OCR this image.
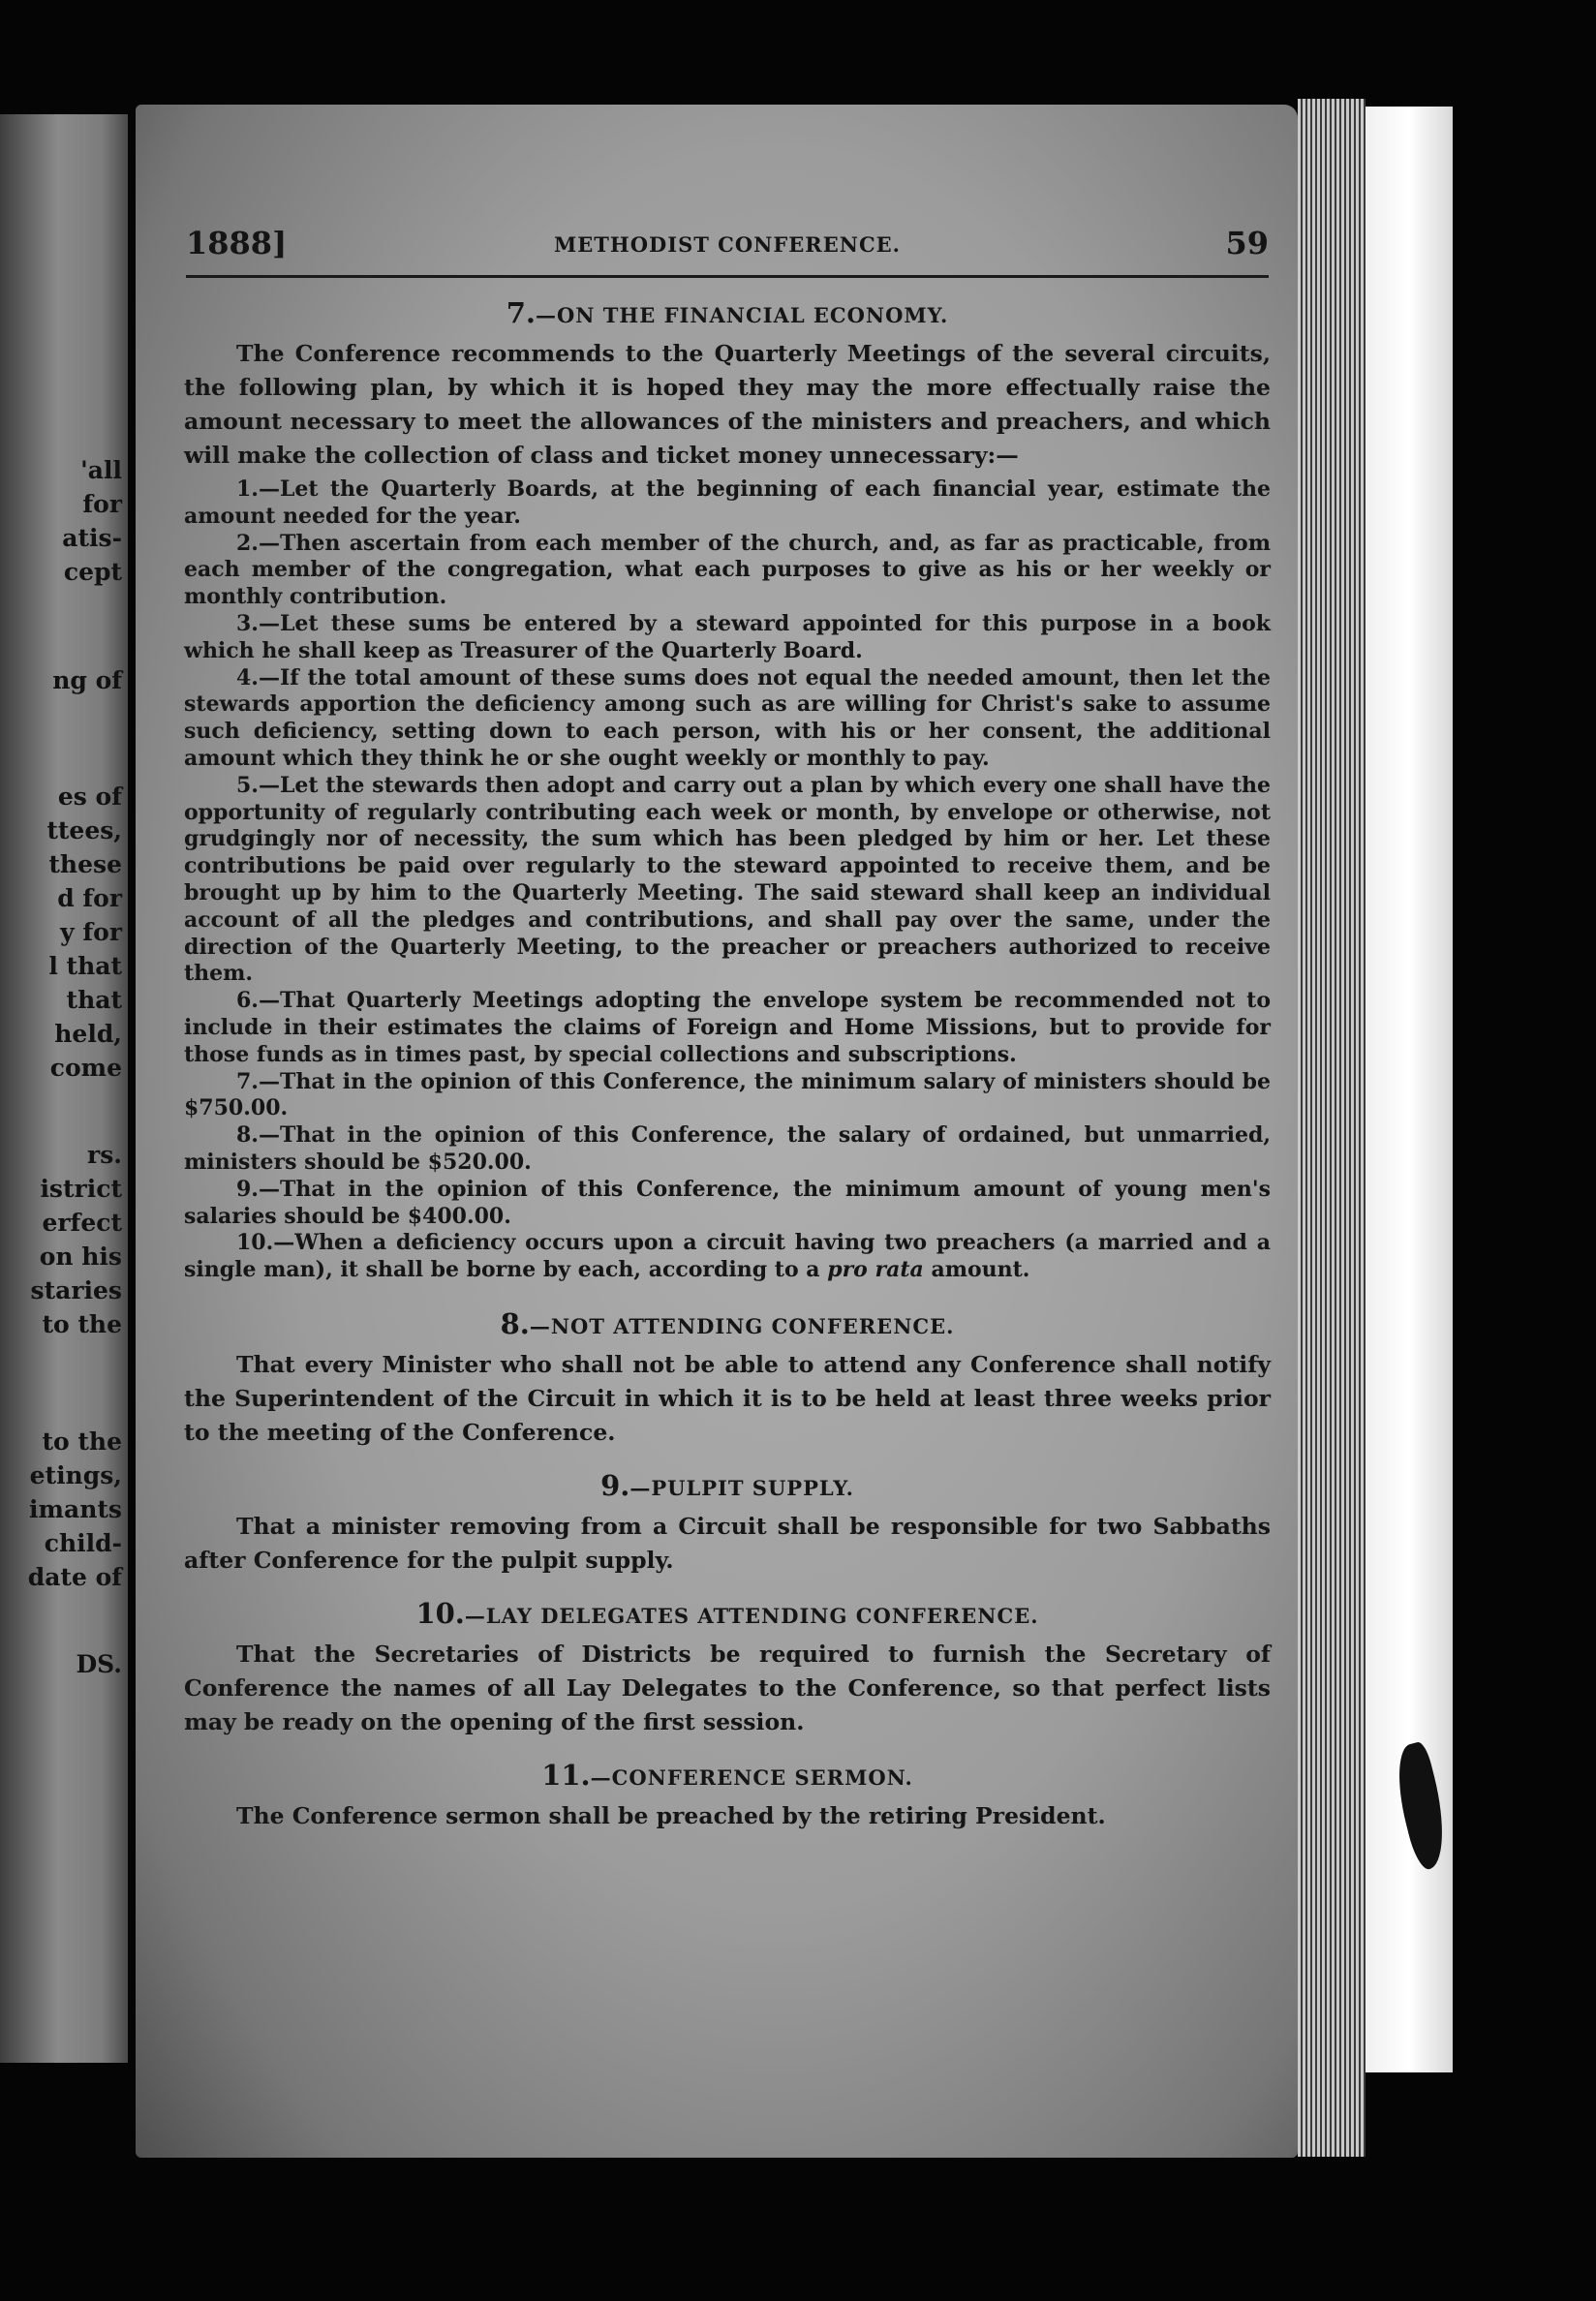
'all
for
atis-
cept
ng of
es of
ttees,
these
d for
y for
l that
that
held,
come
rs.
istrict
erfect
on his
staries
to the
to the
etings,
imants
child-
date of
DS.
1888]	METHODIST CONFERENCE.	59
7.—ON THE FINANCIAL ECONOMY.

The Conference recommends to the Quarterly Meetings of the several circuits, the following plan, by which it is hoped they may the more effectually raise the amount necessary to meet the allowances of the ministers and preachers, and which will make the collection of class and ticket money unnecessary:—

1.—Let the Quarterly Boards, at the beginning of each financial year, estimate the amount needed for the year.

2.—Then ascertain from each member of the church, and, as far as practicable, from each member of the congregation, what each purposes to give as his or her weekly or monthly contribution.

3.—Let these sums be entered by a steward appointed for this purpose in a book which he shall keep as Treasurer of the Quarterly Board.

4.—If the total amount of these sums does not equal the needed amount, then let the stewards apportion the deficiency among such as are willing for Christ's sake to assume such deficiency, setting down to each person, with his or her consent, the additional amount which they think he or she ought weekly or monthly to pay.

5.—Let the stewards then adopt and carry out a plan by which every one shall have the opportunity of regularly contributing each week or month, by envelope or otherwise, not grudgingly nor of necessity, the sum which has been pledged by him or her. Let these contributions be paid over regularly to the steward appointed to receive them, and be brought up by him to the Quarterly Meeting. The said steward shall keep an individual account of all the pledges and contributions, and shall pay over the same, under the direction of the Quarterly Meeting, to the preacher or preachers authorized to receive them.

6.—That Quarterly Meetings adopting the envelope system be recommended not to include in their estimates the claims of Foreign and Home Missions, but to provide for those funds as in times past, by special collections and subscriptions.

7.—That in the opinion of this Conference, the minimum salary of ministers should be $750.00.

8.—That in the opinion of this Conference, the salary of ordained, but unmarried, ministers should be $520.00.

9.—That in the opinion of this Conference, the minimum amount of young men's salaries should be $400.00.

10.—When a deficiency occurs upon a circuit having two preachers (a married and a single man), it shall be borne by each, according to a pro rata amount.

8.—NOT ATTENDING CONFERENCE.

That every Minister who shall not be able to attend any Conference shall notify the Superintendent of the Circuit in which it is to be held at least three weeks prior to the meeting of the Conference.

9.—PULPIT SUPPLY.

That a minister removing from a Circuit shall be responsible for two Sabbaths after Conference for the pulpit supply.

10.—LAY DELEGATES ATTENDING CONFERENCE.

That the Secretaries of Districts be required to furnish the Secretary of Conference the names of all Lay Delegates to the Conference, so that perfect lists may be ready on the opening of the first session.

11.—CONFERENCE SERMON.

The Conference sermon shall be preached by the retiring President.
